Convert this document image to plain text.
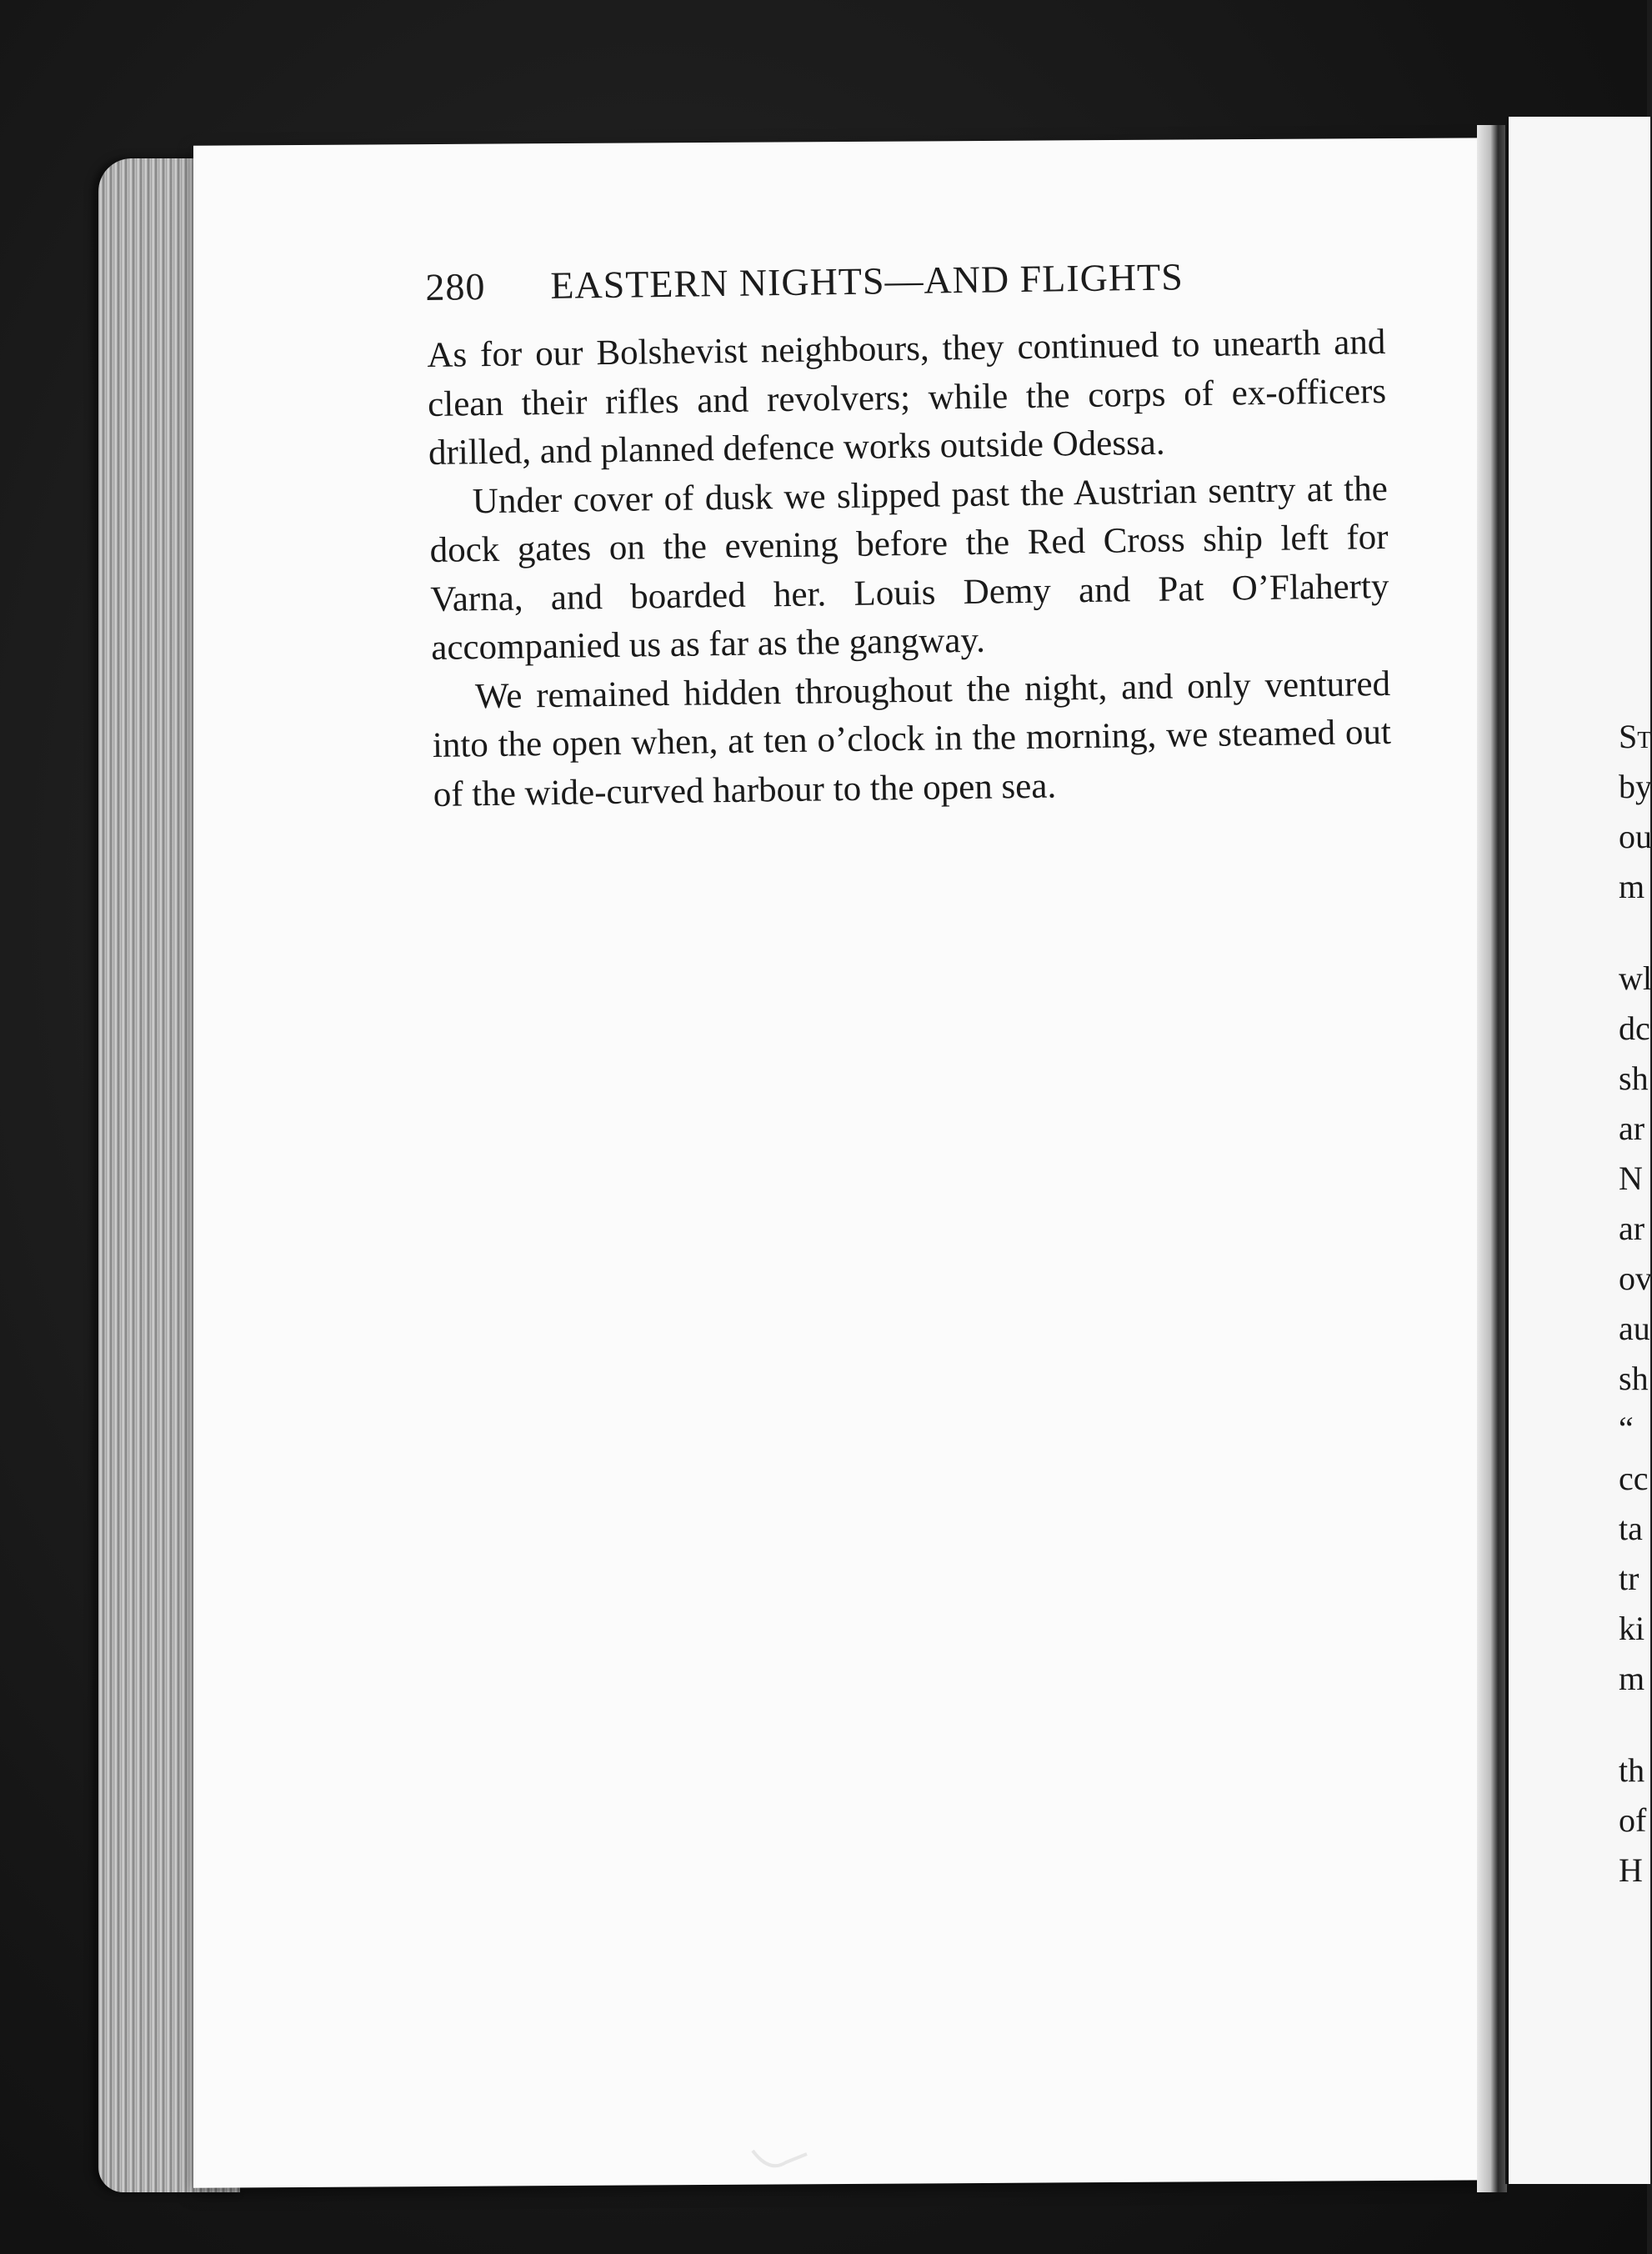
St
by
ou
m
wl
dc
sh
ar
N
ar
ov
au
sh
“
cc
ta
tr
ki
m
th
of
H
280 EASTERN NIGHTS—AND FLIGHTS

As for our Bolshevist neighbours, they continued to unearth and clean their rifles and revolvers; while the corps of ex-officers drilled, and planned defence works outside Odessa.

Under cover of dusk we slipped past the Austrian sentry at the dock gates on the evening before the Red Cross ship left for Varna, and boarded her. Louis Demy and Pat O’Flaherty accompanied us as far as the gangway.

We remained hidden throughout the night, and only ventured into the open when, at ten o’clock in the morning, we steamed out of the wide-curved harbour to the open sea.
